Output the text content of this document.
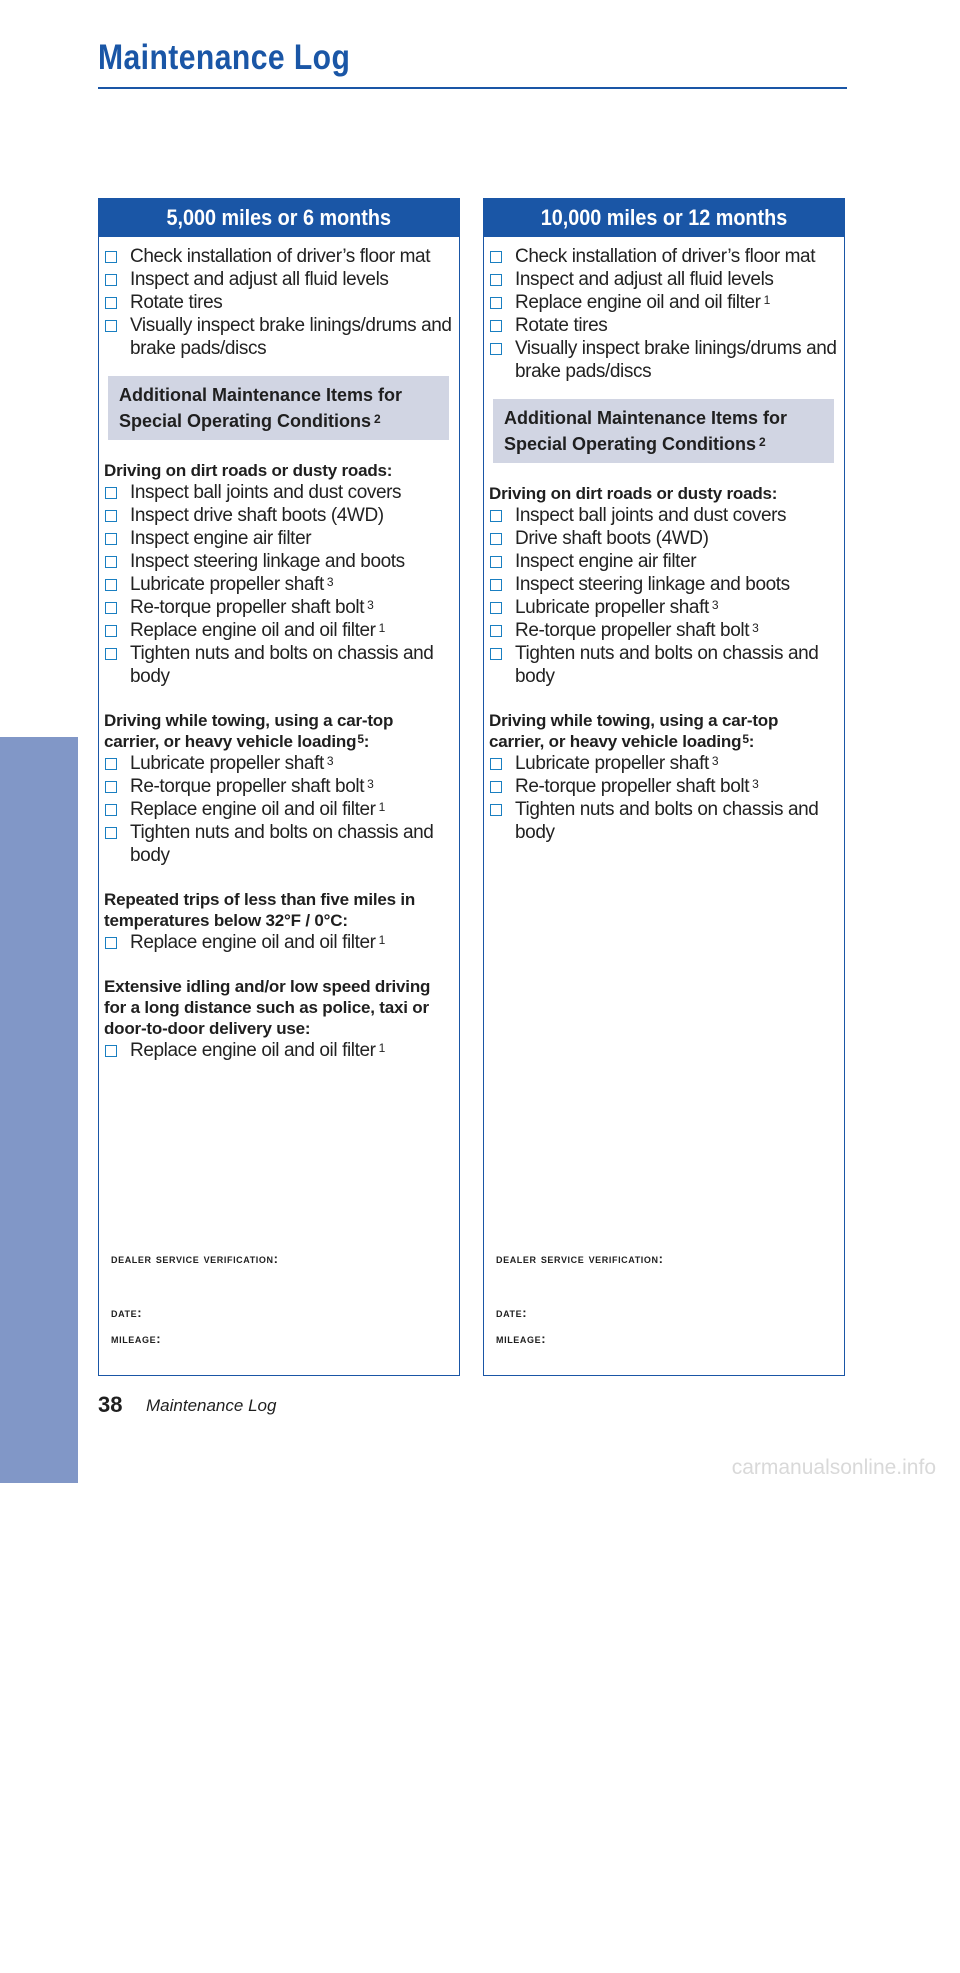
Maintenance Log
MAINTENANCE
5,000 miles or 6 months
Check installation of driver’s floor mat
Inspect and adjust all fluid levels
Rotate tires
Visually inspect brake linings/drums and
brake pads/discs
Additional Maintenance Items for
Special Operating Conditions $^2$
Driving on dirt roads or dusty roads:
Inspect ball joints and dust covers
Inspect drive shaft boots (4WD)
Inspect engine air filter
Inspect steering linkage and boots
Lubricate propeller shaft $^3$
Re-torque propeller shaft bolt $^3$
Replace engine oil and oil filter $^1$
Tighten nuts and bolts on chassis and
body
Driving while towing, using a car-top carrier, or heavy vehicle loading$^5$:
Lubricate propeller shaft $^3$
Re-torque propeller shaft bolt $^3$
Replace engine oil and oil filter $^1$
Tighten nuts and bolts on chassis and
body
Repeated trips of less than five miles in temperatures below 32°F / 0°C:
Replace engine oil and oil filter $^1$
Extensive idling and/or low speed driving for a long distance such as police, taxi or door-to-door delivery use:
Replace engine oil and oil filter $^1$
dealer service verification:
date:
mileage:
10,000 miles or 12 months
Check installation of driver’s floor mat
Inspect and adjust all fluid levels
Replace engine oil and oil filter $^1$
Rotate tires
Visually inspect brake linings/drums and
brake pads/discs
Additional Maintenance Items for
Special Operating Conditions $^2$
Driving on dirt roads or dusty roads:
Inspect ball joints and dust covers
Drive shaft boots (4WD)
Inspect engine air filter
Inspect steering linkage and boots
Lubricate propeller shaft $^3$
Re-torque propeller shaft bolt $^3$
Tighten nuts and bolts on chassis and
body
Driving while towing, using a car-top carrier, or heavy vehicle loading$^5$:
Lubricate propeller shaft $^3$
Re-torque propeller shaft bolt $^3$
Tighten nuts and bolts on chassis and
body
dealer service verification:
date:
mileage:
38 Maintenance Log
carmanualsonline.info
